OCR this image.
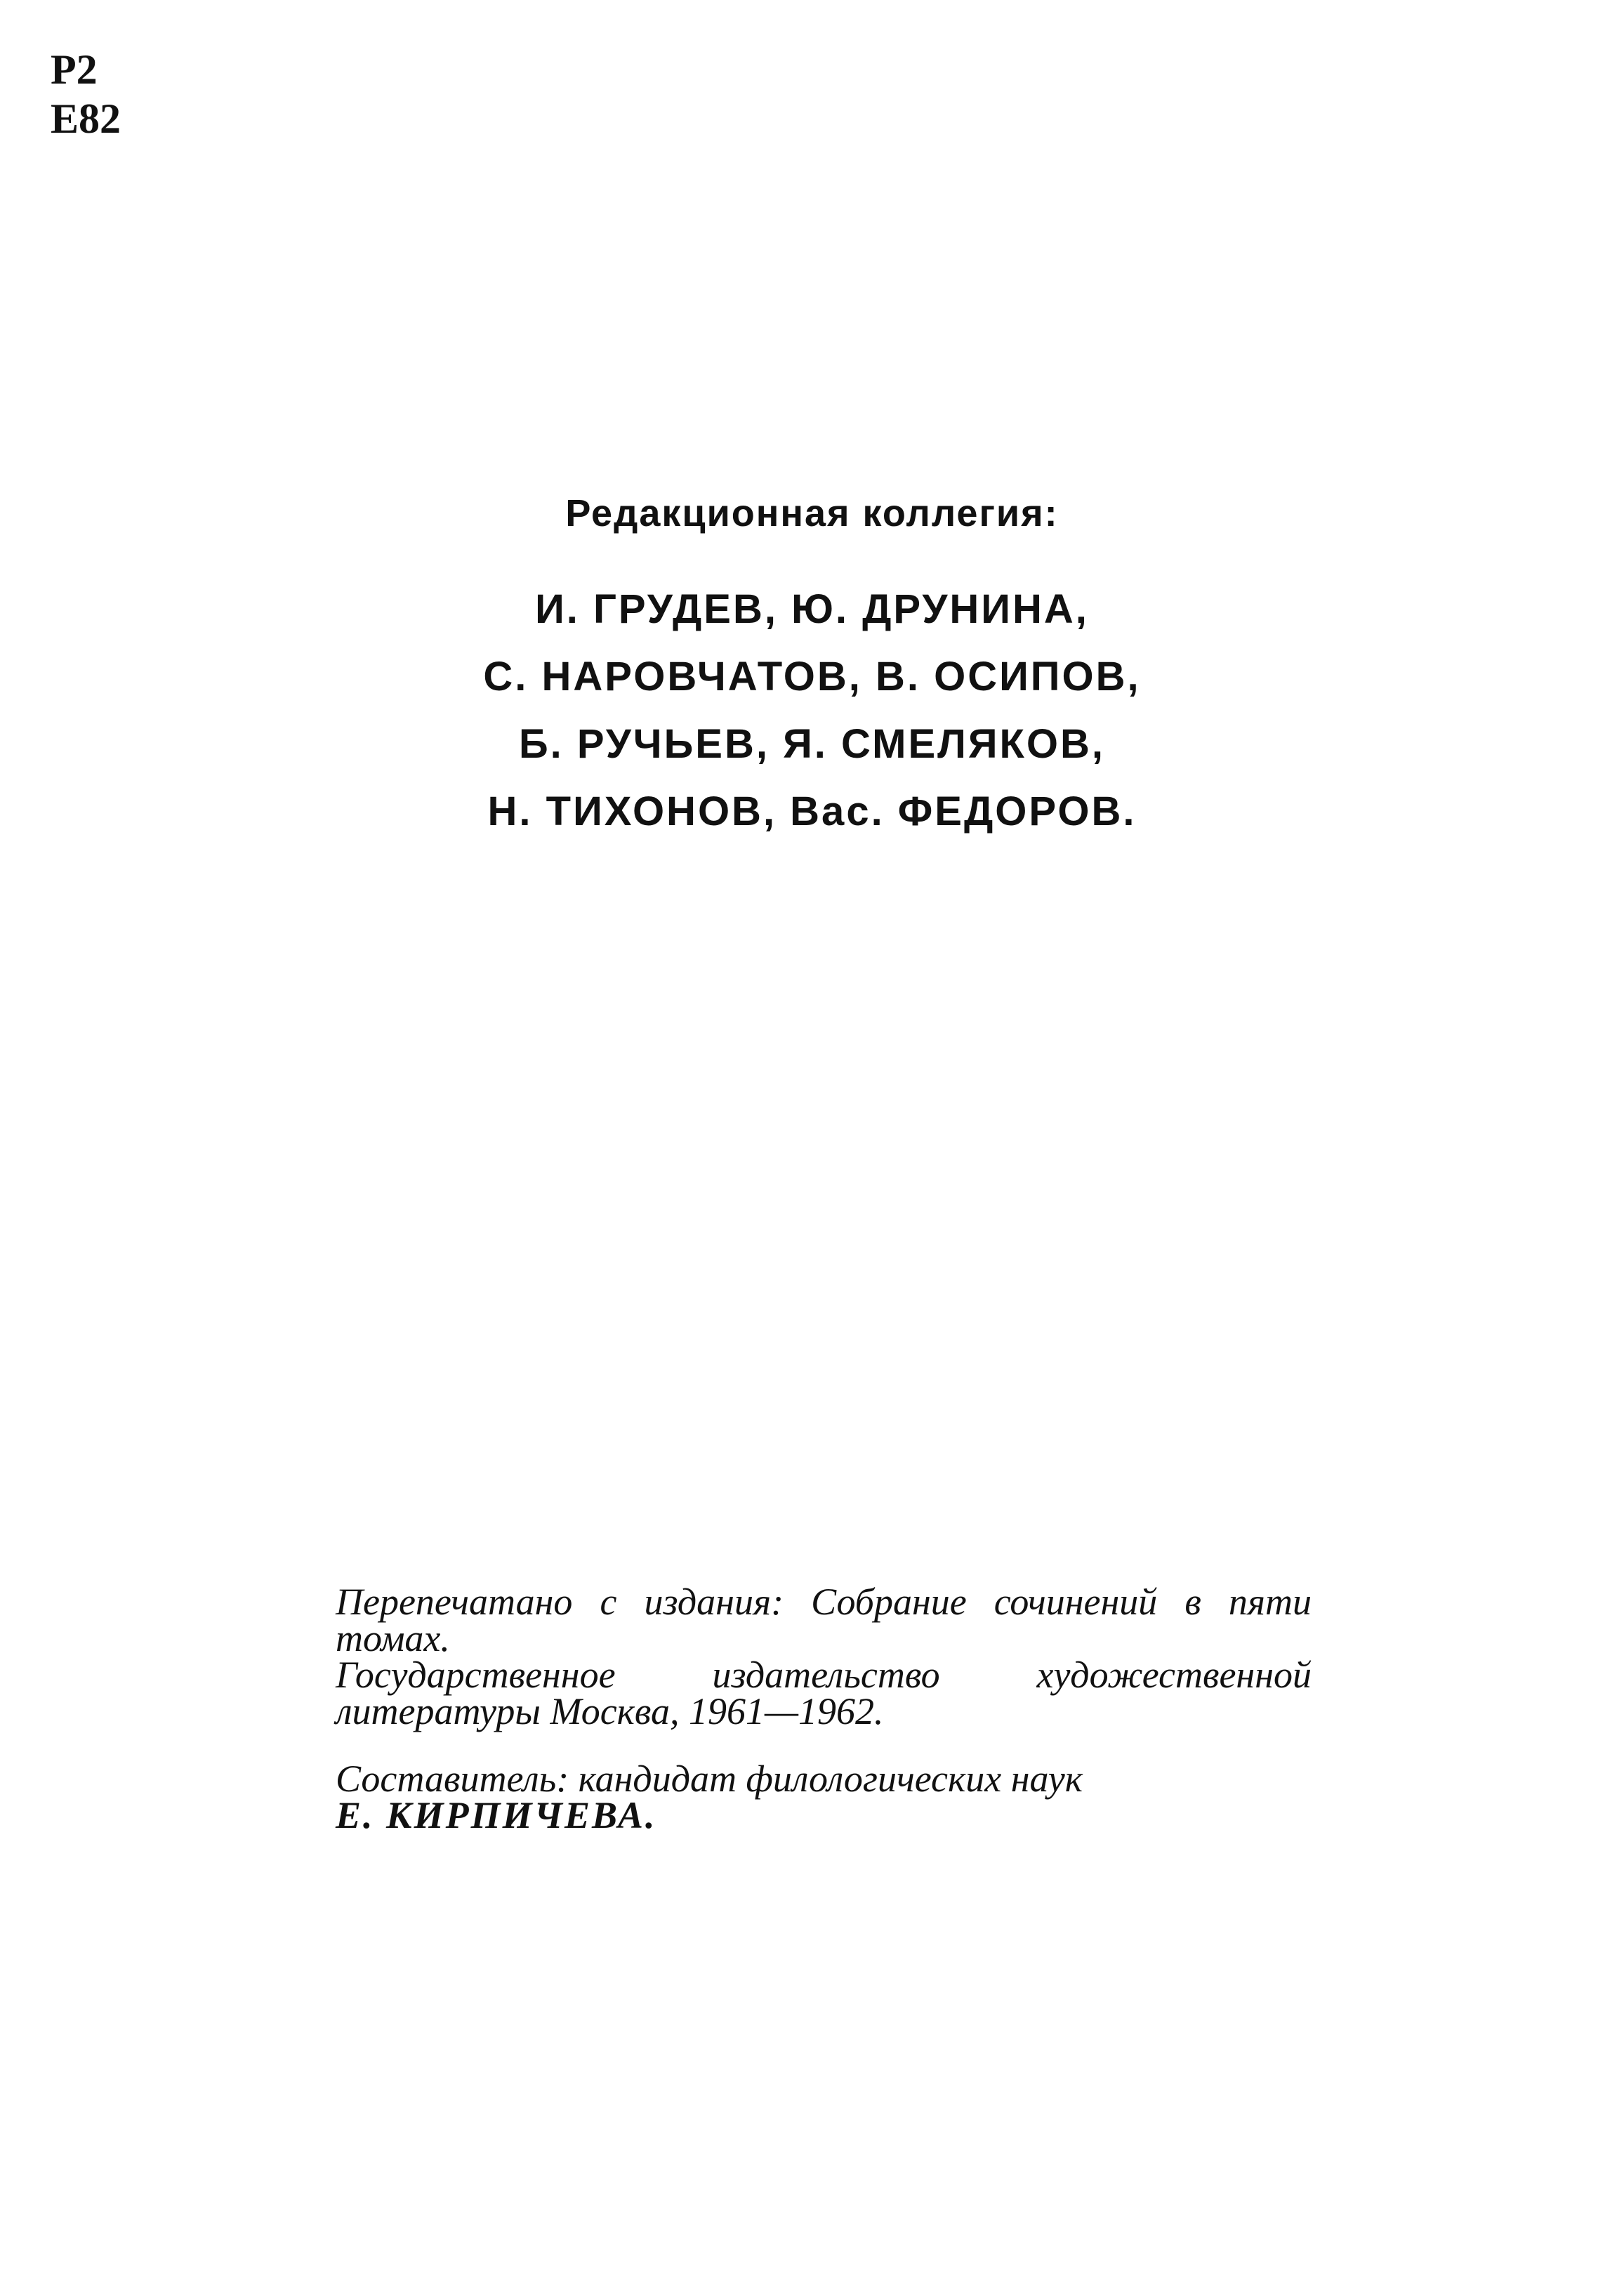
Р2
Е82
Редакционная коллегия:
И. ГРУДЕВ, Ю. ДРУНИНА,
С. НАРОВЧАТОВ, В. ОСИПОВ,
Б. РУЧЬЕВ, Я. СМЕЛЯКОВ,
Н. ТИХОНОВ, Вас. ФЕДОРОВ.

Перепечатано с издания: Собрание сочинений в пяти томах.

Государственное издательство художественной литературы Москва, 1961—1962.

Составитель: кандидат филологических наук

Е. КИРПИЧЕВА.
